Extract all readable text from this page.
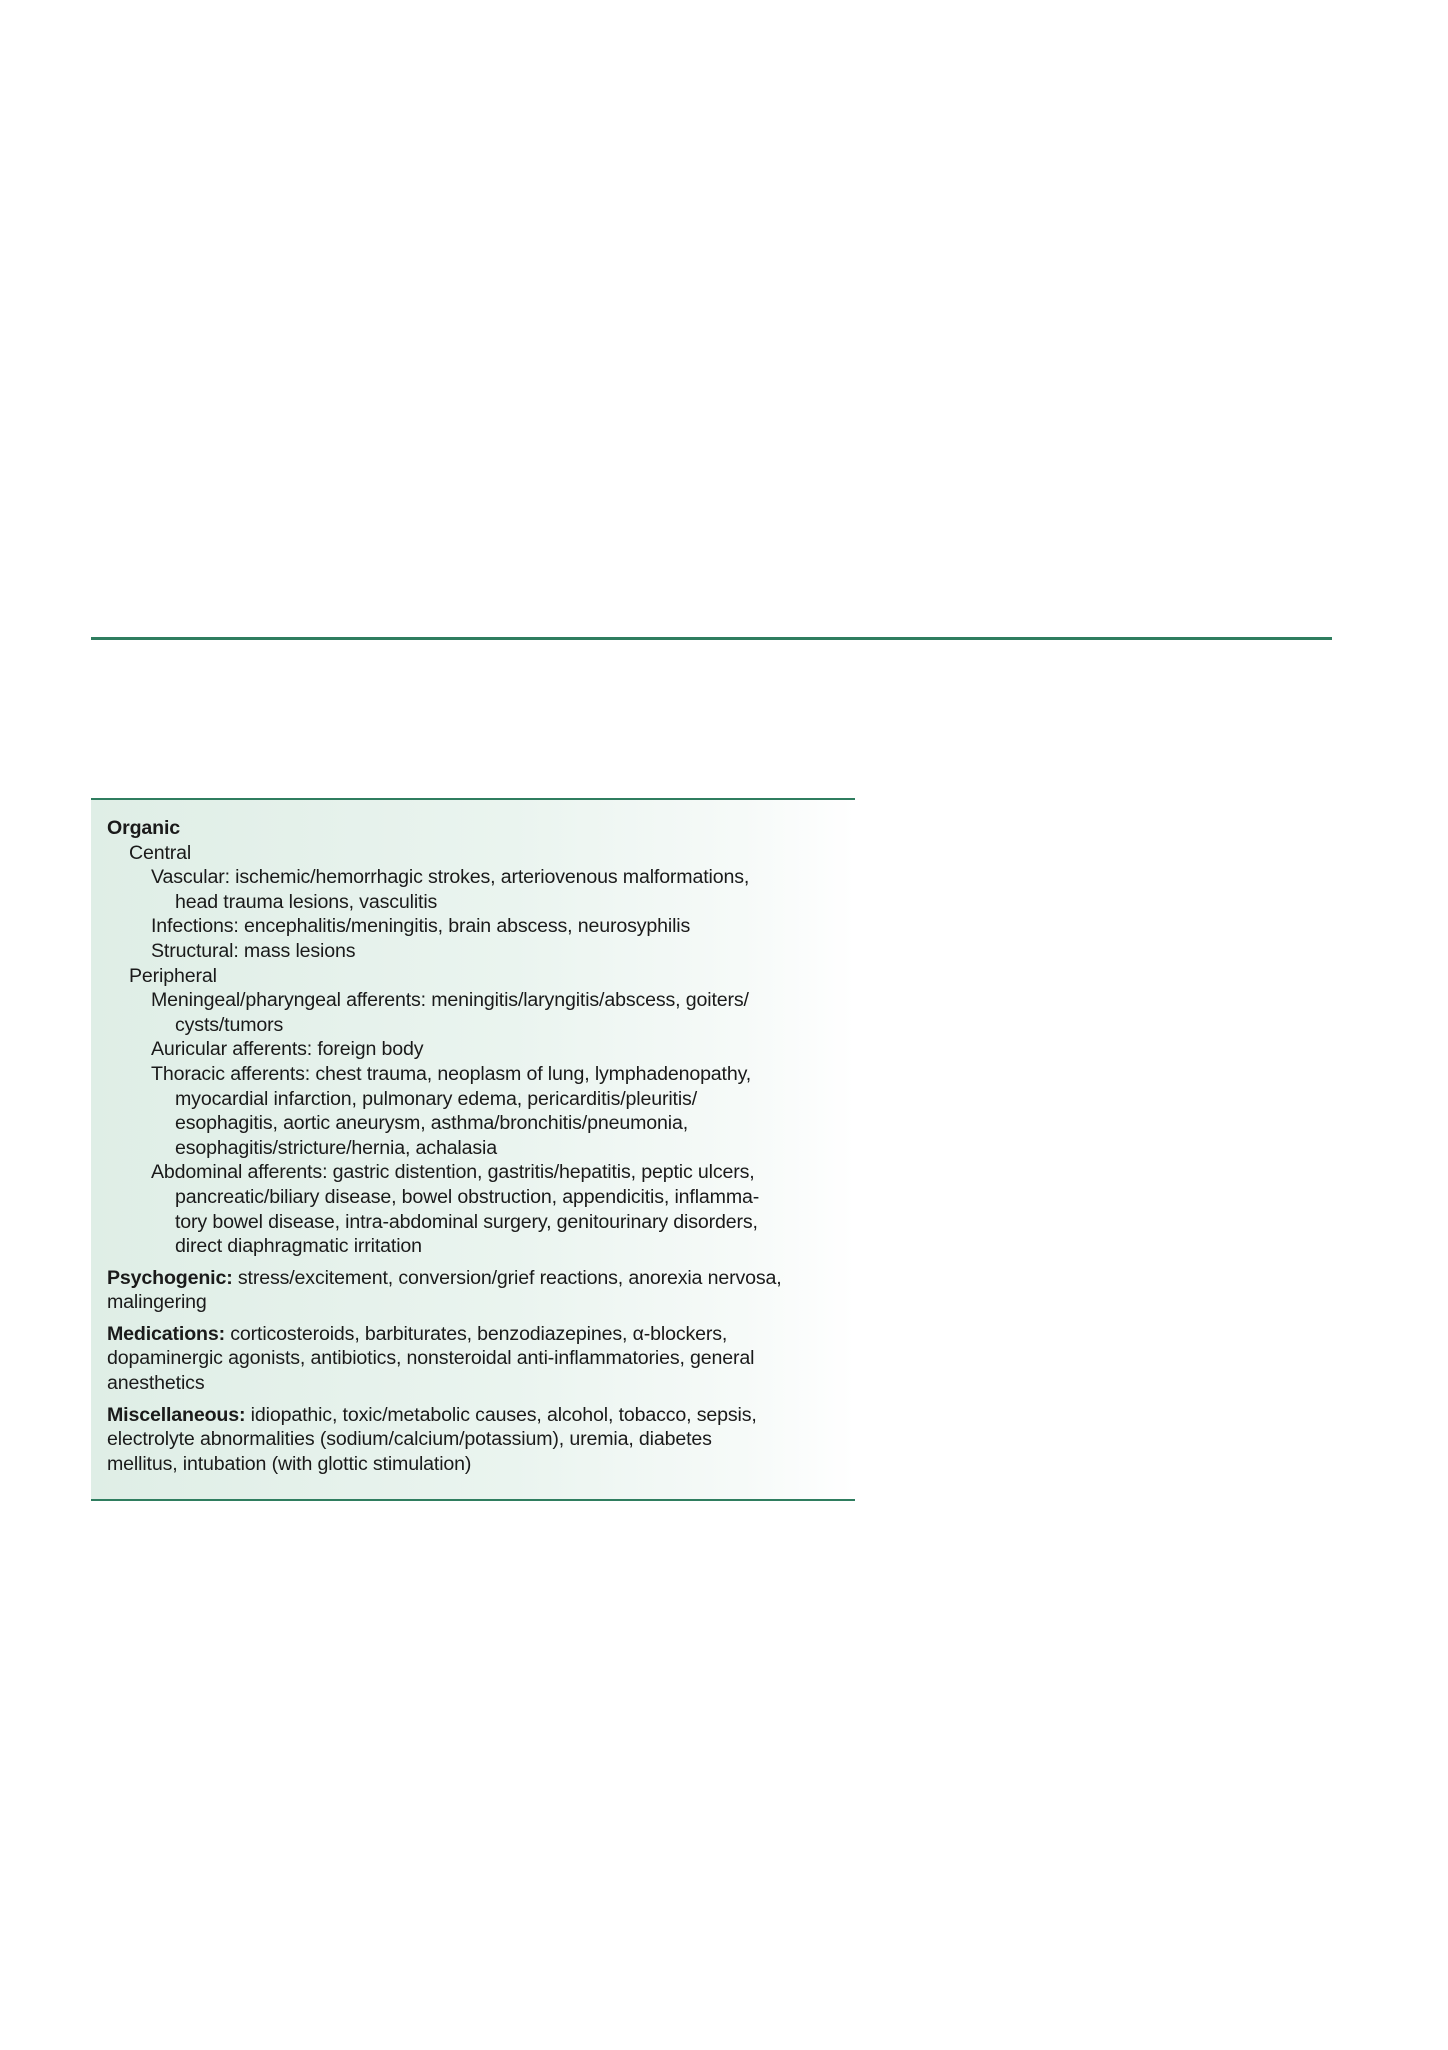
Organic
Central
Vascular: ischemic/hemorrhagic strokes, arteriovenous malformations,
head trauma lesions, vasculitis
Infections: encephalitis/meningitis, brain abscess, neurosyphilis
Structural: mass lesions
Peripheral
Meningeal/pharyngeal afferents: meningitis/laryngitis/abscess, goiters/
cysts/tumors
Auricular afferents: foreign body
Thoracic afferents: chest trauma, neoplasm of lung, lymphadenopathy,
myocardial infarction, pulmonary edema, pericarditis/pleuritis/
esophagitis, aortic aneurysm, asthma/bronchitis/pneumonia,
esophagitis/stricture/hernia, achalasia
Abdominal afferents: gastric distention, gastritis/hepatitis, peptic ulcers,
pancreatic/biliary disease, bowel obstruction, appendicitis, inflamma-
tory bowel disease, intra-abdominal surgery, genitourinary disorders,
direct diaphragmatic irritation
Psychogenic: stress/excitement, conversion/grief reactions, anorexia nervosa,
malingering
Medications: corticosteroids, barbiturates, benzodiazepines, α-blockers,
dopaminergic agonists, antibiotics, nonsteroidal anti-inflammatories, general
anesthetics
Miscellaneous: idiopathic, toxic/metabolic causes, alcohol, tobacco, sepsis,
electrolyte abnormalities (sodium/calcium/potassium), uremia, diabetes
mellitus, intubation (with glottic stimulation)
